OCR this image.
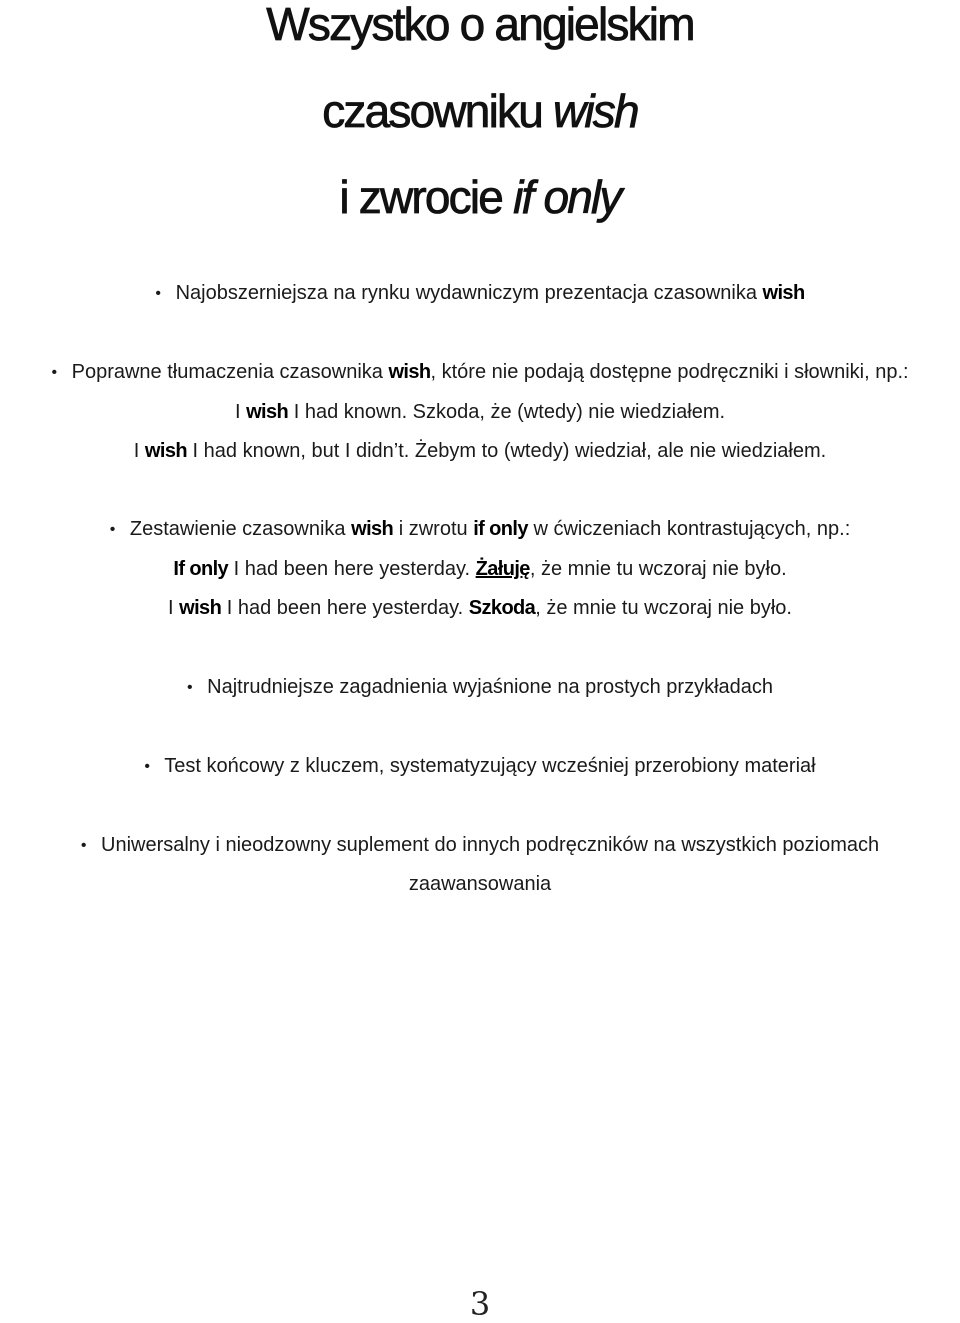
Wszystko o angielskim
czasowniku wish
i zwrocie if only
• Najobszerniejsza na rynku wydawniczym prezentacja czasownika wish
• Poprawne tłumaczenia czasownika wish, które nie podają dostępne podręczniki i słowniki, np.:
I wish I had known. Szkoda, że (wtedy) nie wiedziałem.
I wish I had known, but I didn’t. Żebym to (wtedy) wiedział, ale nie wiedziałem.
• Zestawienie czasownika wish i zwrotu if only w ćwiczeniach kontrastujących, np.:
If only I had been here yesterday. Żałuję, że mnie tu wczoraj nie było.
I wish I had been here yesterday. Szkoda, że mnie tu wczoraj nie było.
• Najtrudniejsze zagadnienia wyjaśnione na prostych przykładach
• Test końcowy z kluczem, systematyzujący wcześniej przerobiony materiał
• Uniwersalny i nieodzowny suplement do innych podręczników na wszystkich poziomach
zaawansowania
3
